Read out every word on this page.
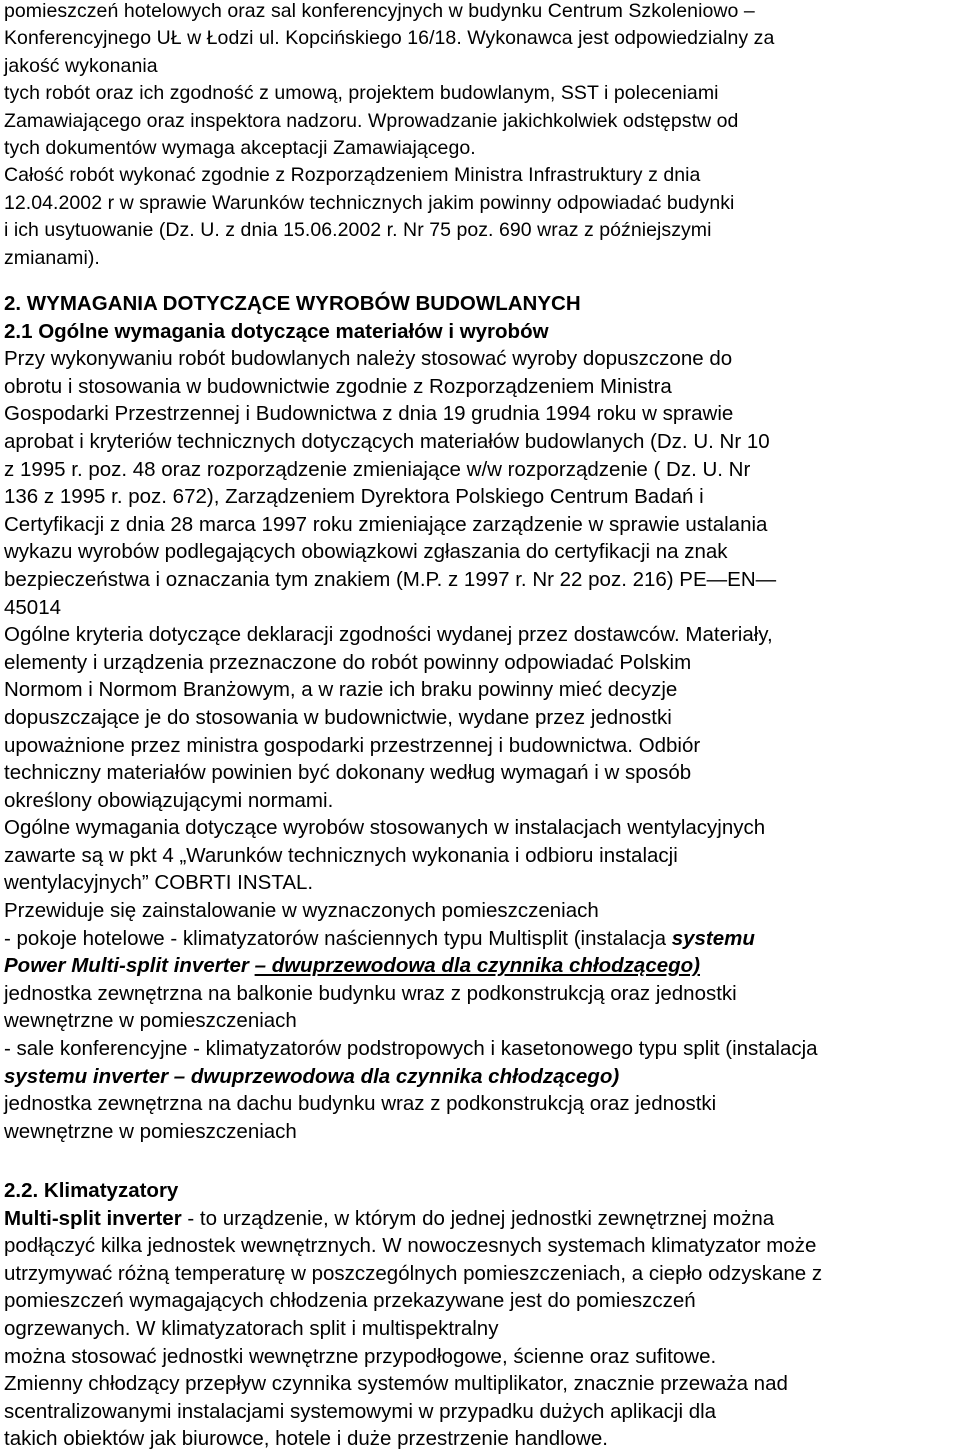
pomieszczeń hotelowych oraz sal konferencyjnych w budynku Centrum Szkoleniowo –
Konferencyjnego UŁ w Łodzi ul. Kopcińskiego 16/18. Wykonawca jest odpowiedzialny za
jakość wykonania
tych robót oraz ich zgodność z umową, projektem budowlanym, SST i poleceniami
Zamawiającego oraz inspektora nadzoru. Wprowadzanie jakichkolwiek odstępstw od
tych dokumentów wymaga akceptacji Zamawiającego.
Całość robót wykonać zgodnie z Rozporządzeniem Ministra Infrastruktury z dnia
12.04.2002 r w sprawie Warunków technicznych jakim powinny odpowiadać budynki
i ich usytuowanie (Dz. U. z dnia 15.06.2002 r. Nr 75 poz. 690 wraz z późniejszymi
zmianami).
2. WYMAGANIA DOTYCZĄCE WYROBÓW BUDOWLANYCH
2.1 Ogólne wymagania dotyczące materiałów i wyrobów
Przy wykonywaniu robót budowlanych należy stosować wyroby dopuszczone do
obrotu i stosowania w budownictwie zgodnie z Rozporządzeniem Ministra
Gospodarki Przestrzennej i Budownictwa z dnia 19 grudnia 1994 roku w sprawie
aprobat i kryteriów technicznych dotyczących materiałów budowlanych (Dz. U. Nr 10
z 1995 r. poz. 48 oraz rozporządzenie zmieniające w/w rozporządzenie ( Dz. U. Nr
136 z 1995 r. poz. 672), Zarządzeniem Dyrektora Polskiego Centrum Badań i
Certyfikacji z dnia 28 marca 1997 roku zmieniające zarządzenie w sprawie ustalania
wykazu wyrobów podlegających obowiązkowi zgłaszania do certyfikacji na znak
bezpieczeństwa i oznaczania tym znakiem (M.P. z 1997 r. Nr 22 poz. 216) PE—EN—
45014
Ogólne kryteria dotyczące deklaracji zgodności wydanej przez dostawców. Materiały,
elementy i urządzenia przeznaczone do robót powinny odpowiadać Polskim
Normom i Normom Branżowym, a w razie ich braku powinny mieć decyzje
dopuszczające je do stosowania w budownictwie, wydane przez jednostki
upoważnione przez ministra gospodarki przestrzennej i budownictwa. Odbiór
techniczny materiałów powinien być dokonany według wymagań i w sposób
określony obowiązującymi normami.
Ogólne wymagania dotyczące wyrobów stosowanych w instalacjach wentylacyjnych
zawarte są w pkt 4 „Warunków technicznych wykonania i odbioru instalacji
wentylacyjnych” COBRTI INSTAL.
Przewiduje się zainstalowanie w wyznaczonych pomieszczeniach
- pokoje hotelowe - klimatyzatorów naściennych typu Multisplit (instalacja systemu
Power Multi-split inverter – dwuprzewodowa dla czynnika chłodzącego)
jednostka zewnętrzna na balkonie budynku wraz z podkonstrukcją oraz jednostki
wewnętrzne w pomieszczeniach
- sale konferencyjne - klimatyzatorów podstropowych i kasetonowego typu split (instalacja
systemu inverter – dwuprzewodowa dla czynnika chłodzącego)
jednostka zewnętrzna na dachu budynku wraz z podkonstrukcją oraz jednostki
wewnętrzne w pomieszczeniach
2.2. Klimatyzatory
Multi-split inverter - to urządzenie, w którym do jednej jednostki zewnętrznej można
podłączyć kilka jednostek wewnętrznych. W nowoczesnych systemach klimatyzator może
utrzymywać różną temperaturę w poszczególnych pomieszczeniach, a ciepło odzyskane z
pomieszczeń wymagających chłodzenia przekazywane jest do pomieszczeń
ogrzewanych. W klimatyzatorach split i multispektralny
można stosować jednostki wewnętrzne przypodłogowe, ścienne oraz sufitowe.
Zmienny chłodzący przepływ czynnika systemów multiplikator, znacznie przeważa nad
scentralizowanymi instalacjami systemowymi w przypadku dużych aplikacji dla
takich obiektów jak biurowce, hotele i duże przestrzenie handlowe.
